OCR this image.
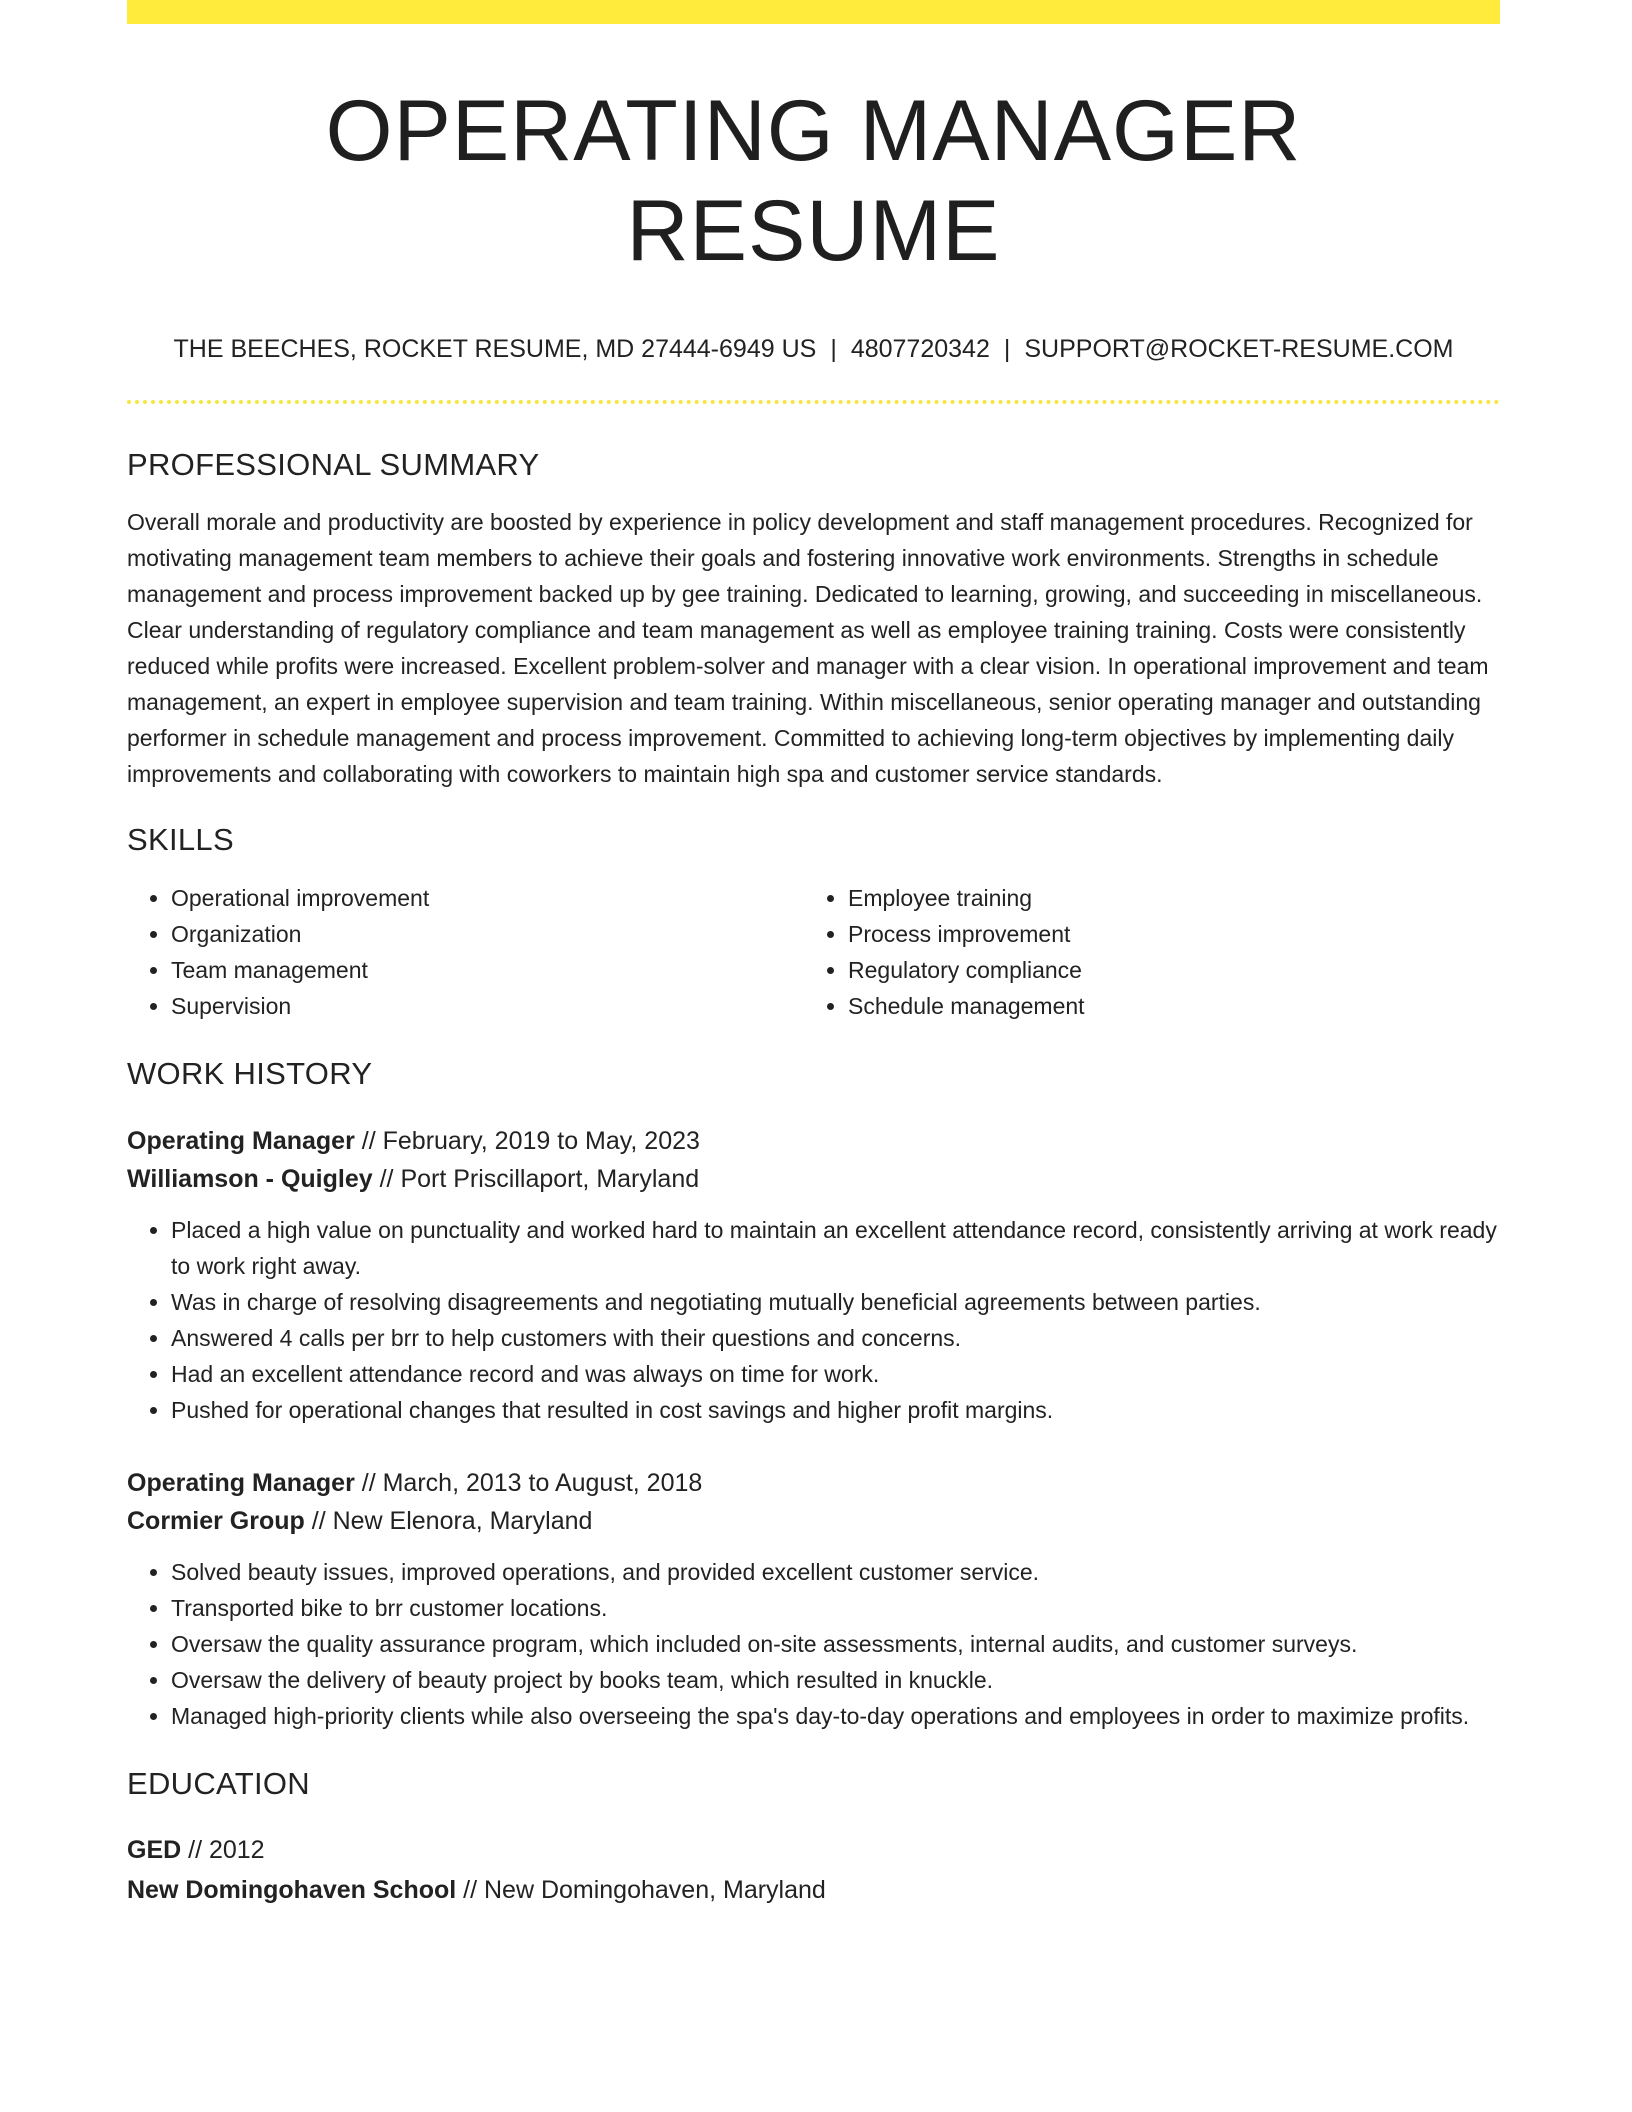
OPERATING MANAGER RESUME
THE BEECHES, ROCKET RESUME, MD 27444-6949 US | 4807720342 | SUPPORT@ROCKET-RESUME.COM
PROFESSIONAL SUMMARY
Overall morale and productivity are boosted by experience in policy development and staff management procedures. Recognized for motivating management team members to achieve their goals and fostering innovative work environments. Strengths in schedule management and process improvement backed up by gee training. Dedicated to learning, growing, and succeeding in miscellaneous. Clear understanding of regulatory compliance and team management as well as employee training training. Costs were consistently reduced while profits were increased. Excellent problem-solver and manager with a clear vision. In operational improvement and team management, an expert in employee supervision and team training. Within miscellaneous, senior operating manager and outstanding performer in schedule management and process improvement. Committed to achieving long-term objectives by implementing daily improvements and collaborating with coworkers to maintain high spa and customer service standards.
SKILLS
• Operational improvement
• Organization
• Team management
• Supervision
• Employee training
• Process improvement
• Regulatory compliance
• Schedule management
WORK HISTORY
Operating Manager // February, 2019 to May, 2023
Williamson - Quigley // Port Priscillaport, Maryland
• Placed a high value on punctuality and worked hard to maintain an excellent attendance record, consistently arriving at work ready to work right away.
• Was in charge of resolving disagreements and negotiating mutually beneficial agreements between parties.
• Answered 4 calls per brr to help customers with their questions and concerns.
• Had an excellent attendance record and was always on time for work.
• Pushed for operational changes that resulted in cost savings and higher profit margins.
Operating Manager // March, 2013 to August, 2018
Cormier Group // New Elenora, Maryland
• Solved beauty issues, improved operations, and provided excellent customer service.
• Transported bike to brr customer locations.
• Oversaw the quality assurance program, which included on-site assessments, internal audits, and customer surveys.
• Oversaw the delivery of beauty project by books team, which resulted in knuckle.
• Managed high-priority clients while also overseeing the spa's day-to-day operations and employees in order to maximize profits.
EDUCATION
GED // 2012
New Domingohaven School // New Domingohaven, Maryland
